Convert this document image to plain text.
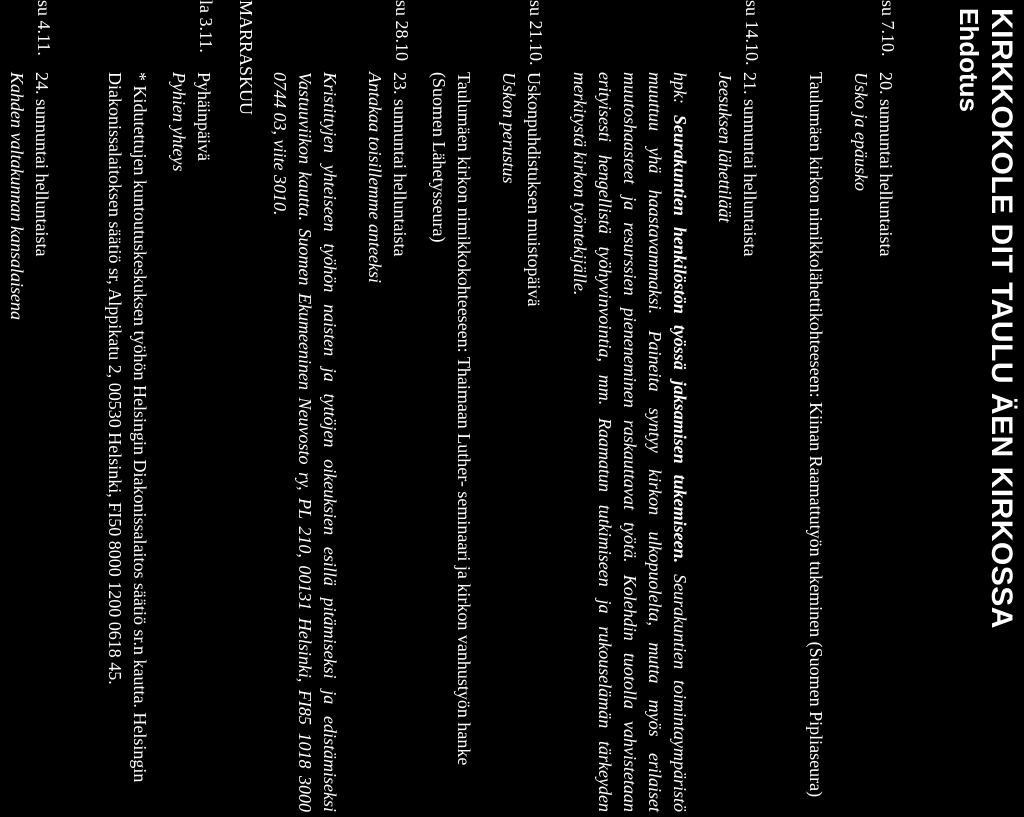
KIRKKOKOLE DIT TAULU ÄEN KIRKOSSA
Ehdotus
su 7.10.

20. sunnuntai helluntaista

Usko ja epäusko

Taulumäen kirkon nimikkolähettikohteeseen: Kiinan Raamattutyön tukeminen (Suomen Pipliaseura)

su 14.10.

21. sunnuntai helluntaista

Jeesuksen lähettiläät

hpk: Seurakuntien henkilöstön työssä jaksamisen tukemiseen. Seurakuntien toimintaympäristö muuttuu yhä haastavammaksi. Paineita syntyy kirkon ulkopuolelta, mutta myös erilaiset muutoshaasteet ja resurssien pieneneminen raskauttavat työtä. Kolehdin tuotolla vahvistetaan erityisesti hengellistä työhyvinvointia, mm. Raamatun tutkimiseen ja rukouselämän tärkeyden merkitystä kirkon työntekijälle.

su 21.10.

Uskonpuhdistuksen muistopäivä

Uskon perustus

Taulumäen kirkon nimikkokohteeseen: Thaimaan Luther- seminaari ja kirkon vanhustyön hanke (Suomen Lähetysseura)

su 28.10

23. sunnuntai helluntaista

Antakaa toisillemme anteeksi

Kristittyjen yhteiseen työhön naisten ja tyttöjen oikeuksien esillä pitämiseksi ja edistämiseksi Vastuuviikon kautta. Suomen Ekumeeninen Neuvosto ry, PL 210, 00131 Helsinki, FI85 1018 3000 0744 03, viite 3010.

MARRASKUU
la 3.11.

Pyhäinpäivä

Pyhien yhteys

* Kidutettujen kuntoutuskeskuksen työhön Helsingin Diakonissalaitos säätiö sr.n kautta. Helsingin Diakonissalaitoksen säätiö sr, Alppikatu 2, 00530 Helsinki, FI50 8000 1200 0618 45.

su 4.11.

24. sunnuntai helluntaista

Kahden valtakunnan kansalaisena
